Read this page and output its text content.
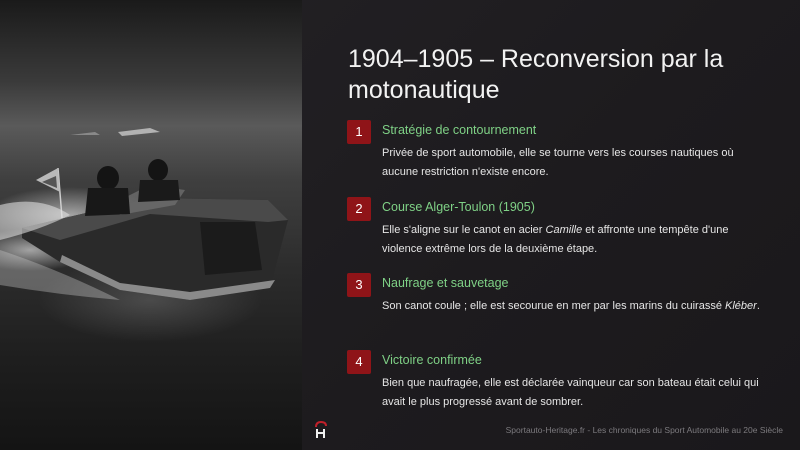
1904–1905 – Reconversion par la motonautique
1	Stratégie de contournement
Privée de sport automobile, elle se tourne vers les courses nautiques où aucune restriction n'existe encore.
2	Course Alger-Toulon (1905)
Elle s'aligne sur le canot en acier Camille et affronte une tempête d'une violence extrême lors de la deuxième étape.
3	Naufrage et sauvetage
Son canot coule ; elle est secourue en mer par les marins du cuirassé Kléber.
4	Victoire confirmée
Bien que naufragée, elle est déclarée vainqueur car son bateau était celui qui avait le plus progressé avant de sombrer.
Sportauto-Heritage.fr - Les chroniques du Sport Automobile au 20e Siècle
